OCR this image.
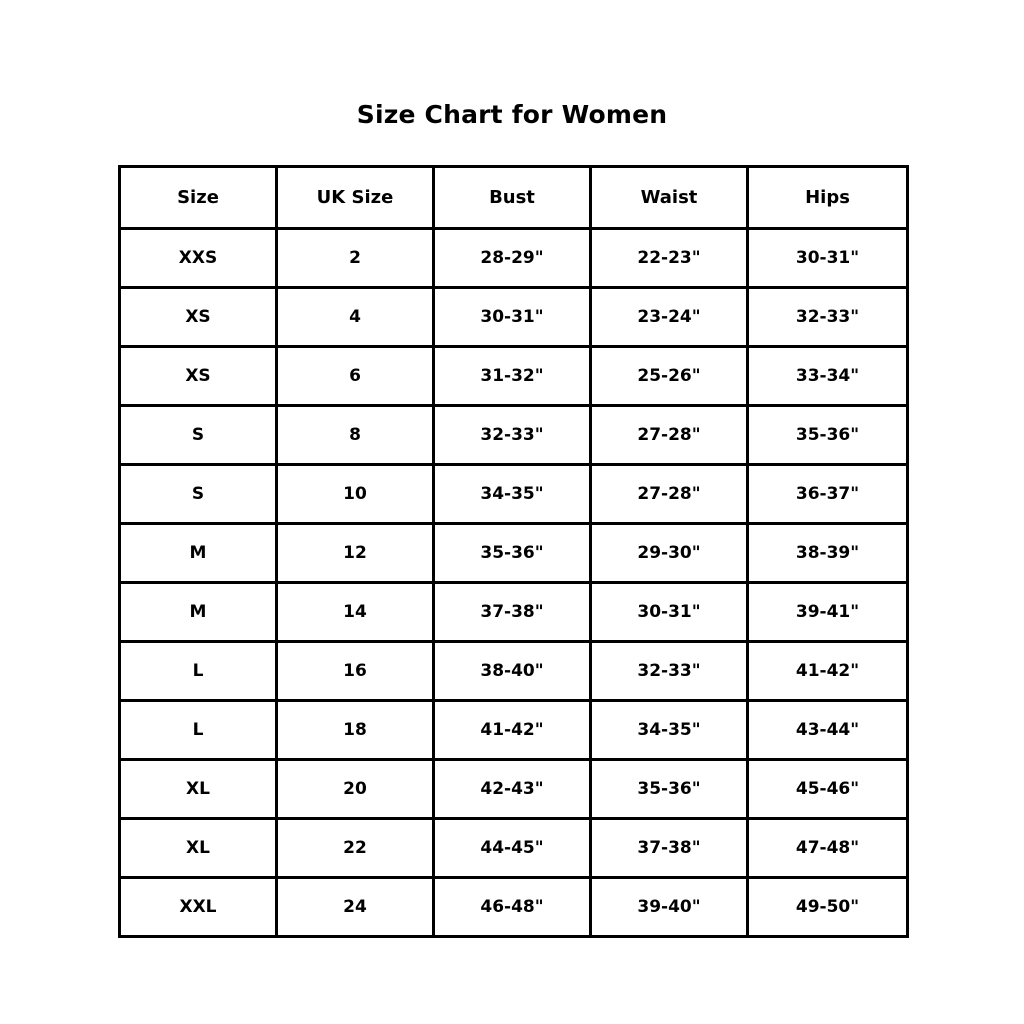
Size Chart for Women
Size	UK Size	Bust	Waist	Hips
XXS	2	28-29"	22-23"	30-31"
XS	4	30-31"	23-24"	32-33"
XS	6	31-32"	25-26"	33-34"
S	8	32-33"	27-28"	35-36"
S	10	34-35"	27-28"	36-37"
M	12	35-36"	29-30"	38-39"
M	14	37-38"	30-31"	39-41"
L	16	38-40"	32-33"	41-42"
L	18	41-42"	34-35"	43-44"
XL	20	42-43"	35-36"	45-46"
XL	22	44-45"	37-38"	47-48"
XXL	24	46-48"	39-40"	49-50"
